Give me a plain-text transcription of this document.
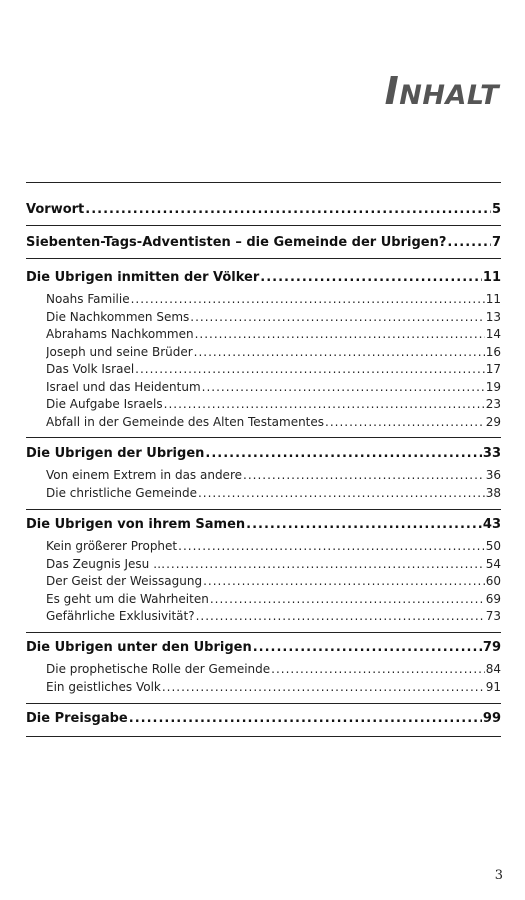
Inhalt
Vorwort .....	5
Siebenten-Tags-Adventisten – die Gemeinde der Übrigen? .....	7
Die Übrigen inmitten der Völker .....	11
Noahs Familie .....	11
Die Nachkommen Sems .....	13
Abrahams Nachkommen .....	14
Joseph und seine Brüder .....	16
Das Volk Israel .....	17
Israel und das Heidentum .....	19
Die Aufgabe Israels .....	23
Abfall in der Gemeinde des Alten Testamentes .....	29
Die Übrigen der Übrigen .....	33
Von einem Extrem in das andere .....	36
Die christliche Gemeinde .....	38
Die Übrigen von ihrem Samen .....	43
Kein größerer Prophet .....	50
Das Zeugnis Jesu … .....	54
Der Geist der Weissagung .....	60
Es geht um die Wahrheiten .....	69
Gefährliche Exklusivität? .....	73
Die Übrigen unter den Übrigen .....	79
Die prophetische Rolle der Gemeinde .....	84
Ein geistliches Volk .....	91
Die Preisgabe .....	99
3
